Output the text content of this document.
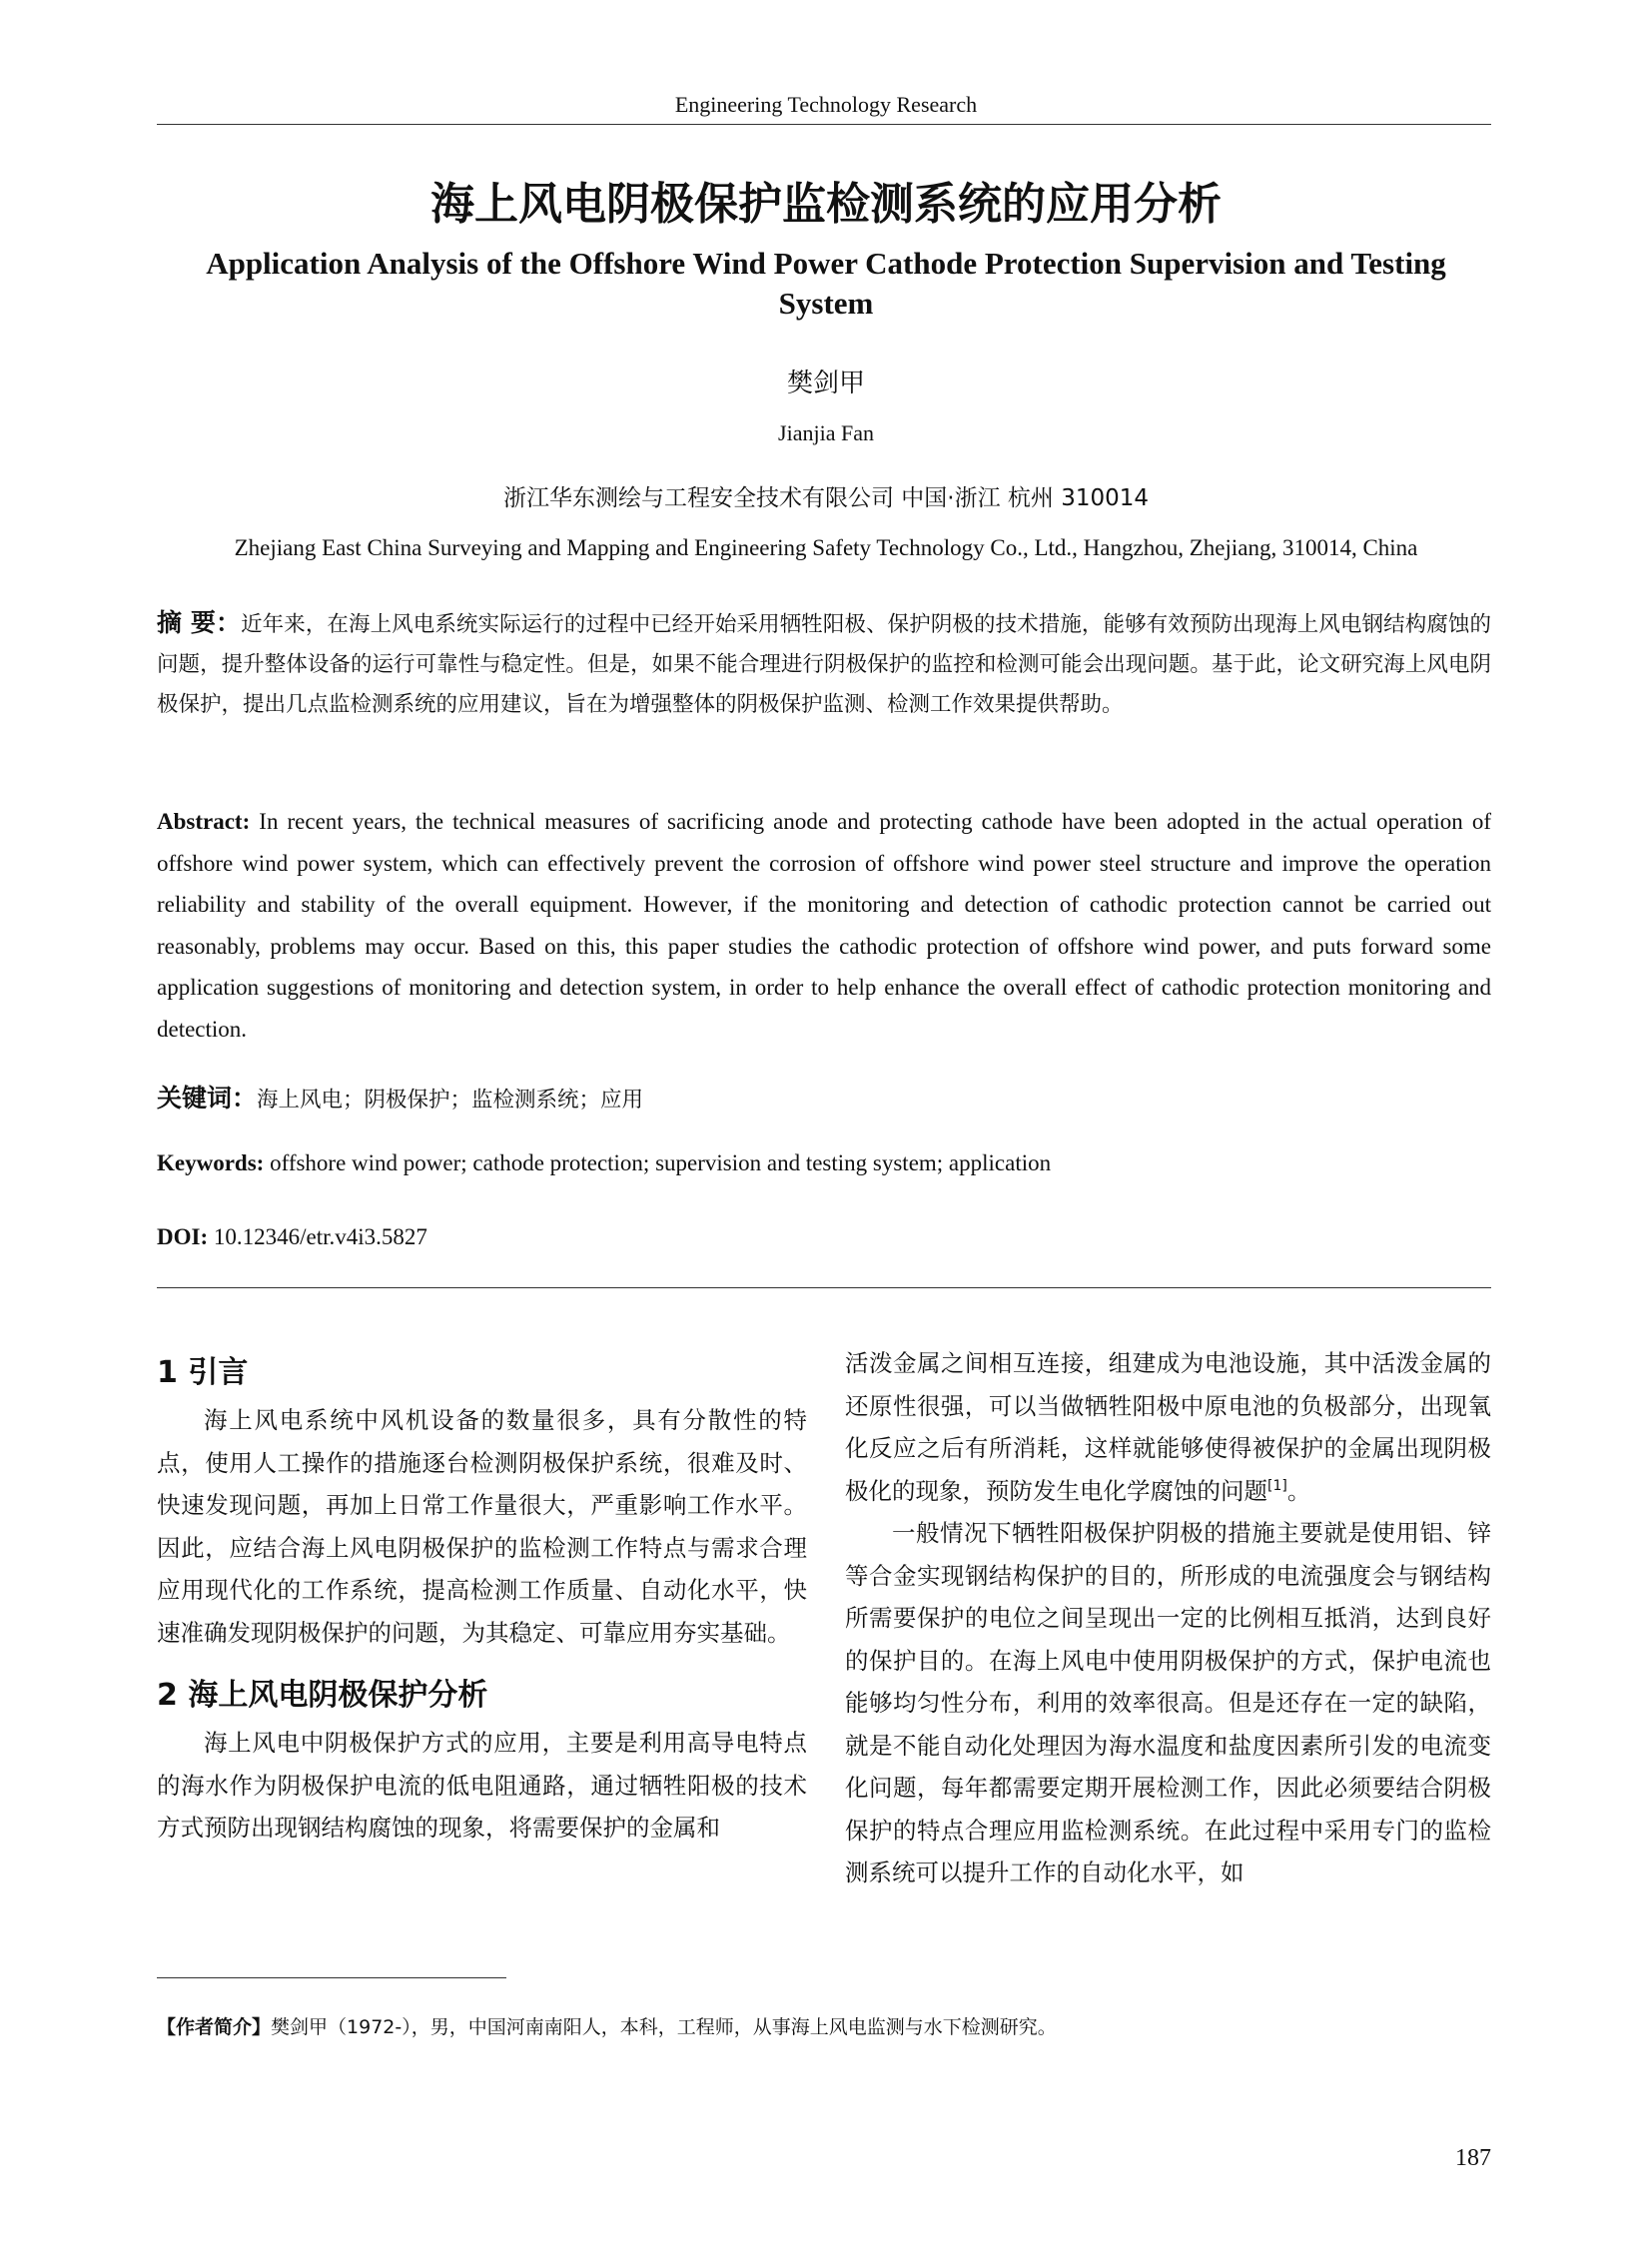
Engineering Technology Research
海上风电阴极保护监检测系统的应用分析
Application Analysis of the Offshore Wind Power Cathode Protection Supervision and Testing System
樊剑甲
Jianjia Fan
浙江华东测绘与工程安全技术有限公司 中国·浙江 杭州 310014
Zhejiang East China Surveying and Mapping and Engineering Safety Technology Co., Ltd., Hangzhou, Zhejiang, 310014, China
摘 要：近年来，在海上风电系统实际运行的过程中已经开始采用牺牲阳极、保护阴极的技术措施，能够有效预防出现海上风电钢结构腐蚀的问题，提升整体设备的运行可靠性与稳定性。但是，如果不能合理进行阴极保护的监控和检测可能会出现问题。基于此，论文研究海上风电阴极保护，提出几点监检测系统的应用建议，旨在为增强整体的阴极保护监测、检测工作效果提供帮助。
Abstract: In recent years, the technical measures of sacrificing anode and protecting cathode have been adopted in the actual operation of offshore wind power system, which can effectively prevent the corrosion of offshore wind power steel structure and improve the operation reliability and stability of the overall equipment. However, if the monitoring and detection of cathodic protection cannot be carried out reasonably, problems may occur. Based on this, this paper studies the cathodic protection of offshore wind power, and puts forward some application suggestions of monitoring and detection system, in order to help enhance the overall effect of cathodic protection monitoring and detection.
关键词：海上风电；阴极保护；监检测系统；应用
Keywords: offshore wind power; cathode protection; supervision and testing system; application
DOI: 10.12346/etr.v4i3.5827
1 引言

海上风电系统中风机设备的数量很多，具有分散性的特点，使用人工操作的措施逐台检测阴极保护系统，很难及时、快速发现问题，再加上日常工作量很大，严重影响工作水平。因此，应结合海上风电阴极保护的监检测工作特点与需求合理应用现代化的工作系统，提高检测工作质量、自动化水平，快速准确发现阴极保护的问题，为其稳定、可靠应用夯实基础。

2 海上风电阴极保护分析

海上风电中阴极保护方式的应用，主要是利用高导电特点的海水作为阴极保护电流的低电阻通路，通过牺牲阳极的技术方式预防出现钢结构腐蚀的现象，将需要保护的金属和

活泼金属之间相互连接，组建成为电池设施，其中活泼金属的还原性很强，可以当做牺牲阳极中原电池的负极部分，出现氧化反应之后有所消耗，这样就能够使得被保护的金属出现阴极极化的现象，预防发生电化学腐蚀的问题[1]。

一般情况下牺牲阳极保护阴极的措施主要就是使用铝、锌等合金实现钢结构保护的目的，所形成的电流强度会与钢结构所需要保护的电位之间呈现出一定的比例相互抵消，达到良好的保护目的。在海上风电中使用阴极保护的方式，保护电流也能够均匀性分布，利用的效率很高。但是还存在一定的缺陷，就是不能自动化处理因为海水温度和盐度因素所引发的电流变化问题，每年都需要定期开展检测工作，因此必须要结合阴极保护的特点合理应用监检测系统。在此过程中采用专门的监检测系统可以提升工作的自动化水平，如

【作者简介】樊剑甲（1972-），男，中国河南南阳人，本科，工程师，从事海上风电监测与水下检测研究。
187
